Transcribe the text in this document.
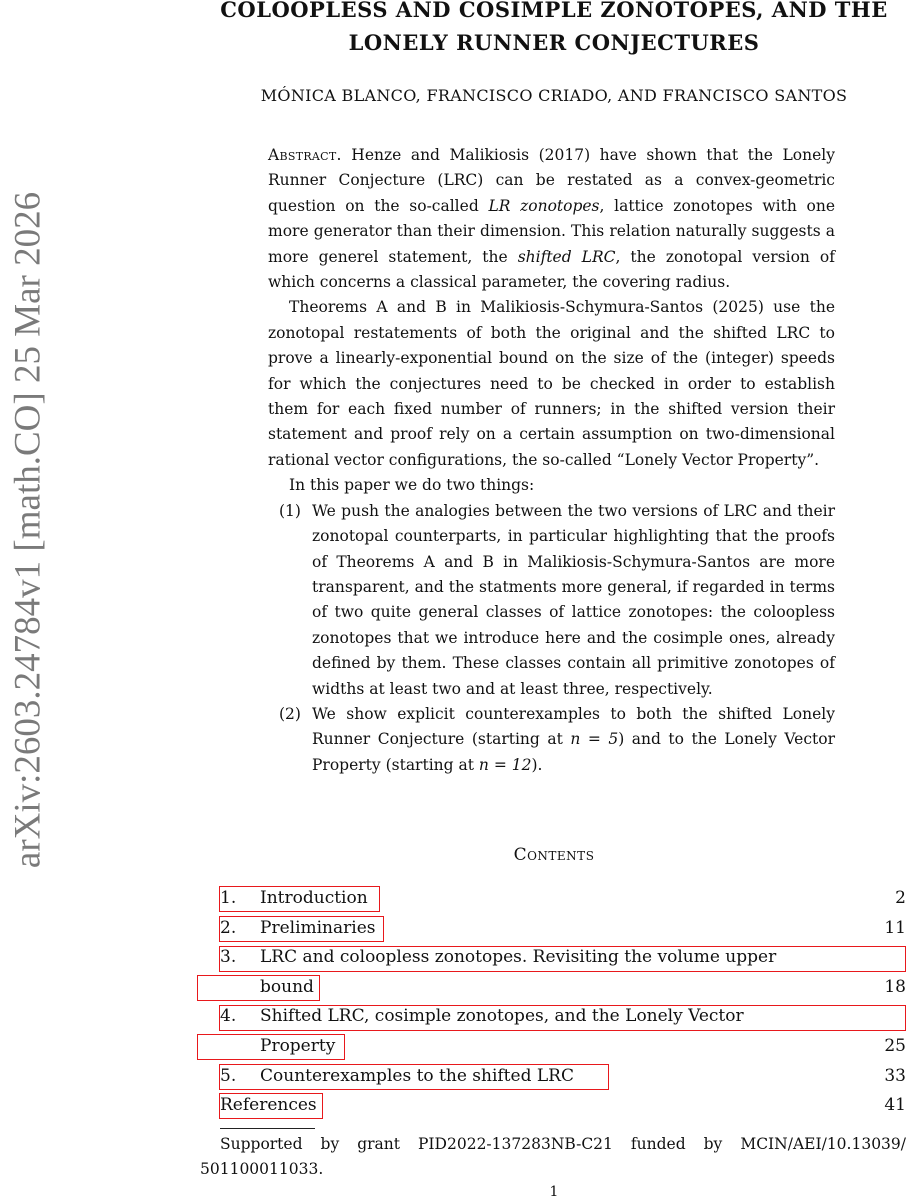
arXiv:2603.24784v1 [math.CO] 25 Mar 2026
COLOOPLESS AND COSIMPLE ZONOTOPES, AND THE
LONELY RUNNER CONJECTURES
MÓNICA BLANCO, FRANCISCO CRIADO, AND FRANCISCO SANTOS

Abstract. Henze and Malikiosis (2017) have shown that the Lonely Runner Conjecture (LRC) can be restated as a convex-geometric question on the so-called LR zonotopes, lattice zonotopes with one more generator than their dimension. This relation naturally suggests a more generel statement, the shifted LRC, the zonotopal version of which concerns a classical parameter, the covering radius.

Theorems A and B in Malikiosis-Schymura-Santos (2025) use the zonotopal restatements of both the original and the shifted LRC to prove a linearly-exponential bound on the size of the (integer) speeds for which the conjectures need to be checked in order to establish them for each fixed number of runners; in the shifted version their statement and proof rely on a certain assumption on two-dimensional rational vector configurations, the so-called “Lonely Vector Property”.

In this paper we do two things:

(1) We push the analogies between the two versions of LRC and their zonotopal counterparts, in particular highlighting that the proofs of Theorems A and B in Malikiosis-Schymura-Santos are more transparent, and the statments more general, if regarded in terms of two quite general classes of lattice zonotopes: the coloopless zonotopes that we introduce here and the cosimple ones, already defined by them. These classes contain all primitive zonotopes of widths at least two and at least three, respectively.
(2) We show explicit counterexamples to both the shifted Lonely Runner Conjecture (starting at n = 5) and to the Lonely Vector Property (starting at n = 12).
Contents
1. Introduction	2
2. Preliminaries	11
3. LRC and coloopless zonotopes. Revisiting the volume upper
bound	18
4. Shifted LRC, cosimple zonotopes, and the Lonely Vector
Property	25
5. Counterexamples to the shifted LRC	33
References	41
Supported by grant PID2022-137283NB-C21 funded by MCIN/AEI/10.13039/
501100011033.
1
